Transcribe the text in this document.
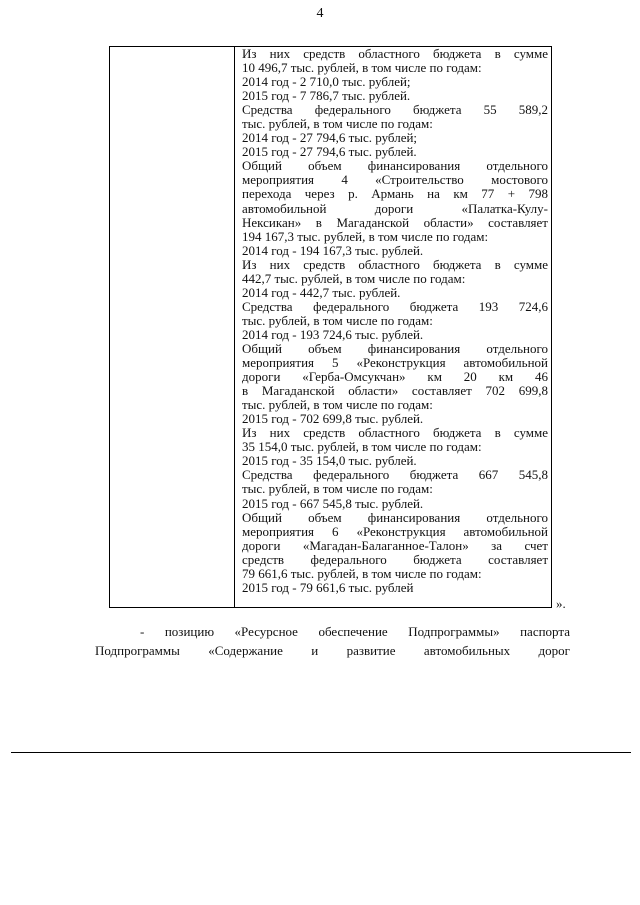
4
Из них средств областного бюджета в сумме
10 496,7 тыс. рублей, в том числе по годам:
2014 год - 2 710,0 тыс. рублей;
2015 год - 7 786,7 тыс. рублей.
Средства федерального бюджета 55 589,2
тыс. рублей, в том числе по годам:
2014 год - 27 794,6 тыс. рублей;
2015 год - 27 794,6 тыс. рублей.
Общий объем финансирования отдельного
мероприятия 4 «Строительство мостового
перехода через р. Армань на км 77 + 798
автомобильной дороги «Палатка-Кулу-
Нексикан» в Магаданской области» составляет
194 167,3 тыс. рублей, в том числе по годам:
2014 год - 194 167,3 тыс. рублей.
Из них средств областного бюджета в сумме
442,7 тыс. рублей, в том числе по годам:
2014 год - 442,7 тыс. рублей.
Средства федерального бюджета 193 724,6
тыс. рублей, в том числе по годам:
2014 год - 193 724,6 тыс. рублей.
Общий объем финансирования отдельного
мероприятия 5 «Реконструкция автомобильной
дороги «Герба-Омсукчан» км 20 км 46
в Магаданской области» составляет 702 699,8
тыс. рублей, в том числе по годам:
2015 год - 702 699,8 тыс. рублей.
Из них средств областного бюджета в сумме
35 154,0 тыс. рублей, в том числе по годам:
2015 год - 35 154,0 тыс. рублей.
Средства федерального бюджета 667 545,8
тыс. рублей, в том числе по годам:
2015 год - 667 545,8 тыс. рублей.
Общий объем финансирования отдельного
мероприятия 6 «Реконструкция автомобильной
дороги «Магадан-Балаганное-Талон» за счет
средств федерального бюджета составляет
79 661,6 тыс. рублей, в том числе по годам:
2015 год - 79 661,6 тыс. рублей
».
- позицию «Ресурсное обеспечение Подпрограммы» паспорта
Подпрограммы «Содержание и развитие автомобильных дорог
